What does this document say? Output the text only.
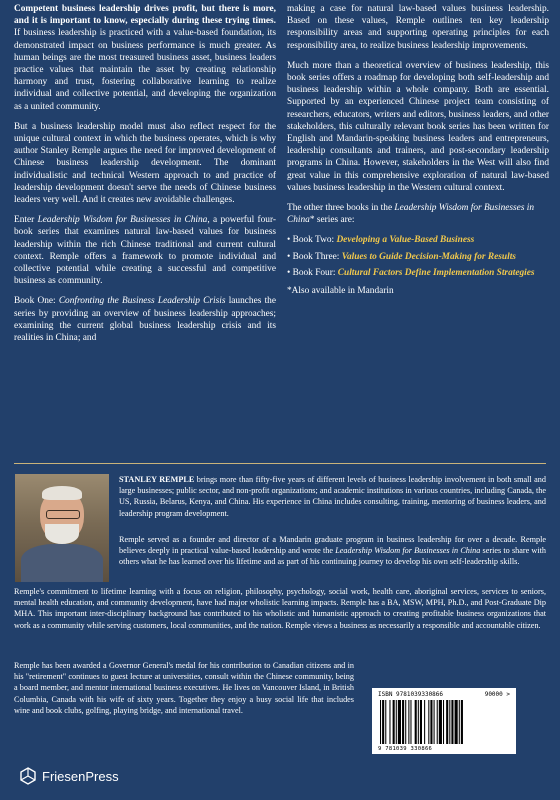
Competent business leadership drives profit, but there is more, and it is important to know, especially during these trying times. If business leadership is practiced with a value-based foundation, its demonstrated impact on business performance is much greater. As human beings are the most treasured business asset, business leaders practice values that maintain the asset by creating relationship harmony and trust, fostering collaborative learning to realize individual and collective potential, and developing the organization as a united community.

But a business leadership model must also reflect respect for the unique cultural context in which the business operates, which is why author Stanley Remple argues the need for improved development of Chinese business leadership development. The dominant individualistic and technical Western approach to and practice of leadership development doesn't serve the needs of Chinese business leaders very well. And it creates new avoidable challenges.

Enter Leadership Wisdom for Businesses in China, a powerful four-book series that examines natural law-based values for business leadership within the rich Chinese traditional and current cultural context. Remple offers a framework to promote individual and collective potential while creating a successful and competitive business as community.

Book One: Confronting the Business Leadership Crisis launches the series by providing an overview of business leadership approaches; examining the current global business leadership crisis and its realities in China; and

making a case for natural law-based values business leadership. Based on these values, Remple outlines ten key leadership responsibility areas and supporting operating principles for each responsibility area, to realize business leadership improvements.

Much more than a theoretical overview of business leadership, this book series offers a roadmap for developing both self-leadership and business leadership within a whole company. Both are essential. Supported by an experienced Chinese project team consisting of researchers, educators, writers and editors, business leaders, and other stakeholders, this culturally relevant book series has been written for English and Mandarin-speaking business leaders and entrepreneurs, leadership consultants and trainers, and post-secondary leadership programs in China. However, stakeholders in the West will also find great value in this comprehensive exploration of natural law-based values business leadership in the Western cultural context.

The other three books in the Leadership Wisdom for Businesses in China* series are:

• Book Two: Developing a Value-Based Business
• Book Three: Values to Guide Decision-Making for Results
• Book Four: Cultural Factors Define Implementation Strategies
*Also available in Mandarin

STANLEY REMPLE brings more than fifty-five years of different levels of business leadership involvement in both small and large businesses; public sector, and non-profit organizations; and academic institutions in various countries, including Canada, the US, Russia, Belarus, Kenya, and China. His experience in China includes consulting, training, mentoring of business leaders, and leadership program development.

Remple served as a founder and director of a Mandarin graduate program in business leadership for over a decade. Remple believes deeply in practical value-based leadership and wrote the Leadership Wisdom for Businesses in China series to share with others what he has learned over his lifetime and as part of his continuing journey to develop his own self-leadership skills.

Remple's commitment to lifetime learning with a focus on religion, philosophy, psychology, social work, health care, aboriginal services, services to seniors, mental health education, and community development, have had major wholistic learning impacts. Remple has a BA, MSW, MPH, Ph.D., and Post-Graduate Dip MHA. This important inter-disciplinary background has contributed to his wholistic and humanistic approach to creating profitable business organizations that work as a community while serving customers, local communities, and the nation. Remple views a business as necessarily a responsible and accountable citizen.

Remple has been awarded a Governor General's medal for his contribution to Canadian citizens and in his "retirement" continues to guest lecture at universities, consult within the Chinese community, being a board member, and mentor international business executives. He lives on Vancouver Island, in British Columbia, Canada with his wife of sixty years. Together they enjoy a busy social life that includes wine and book clubs, golfing, playing bridge, and international travel.

ISBN 9781039330866	90000 >
9 781039 330866
FriesenPress
